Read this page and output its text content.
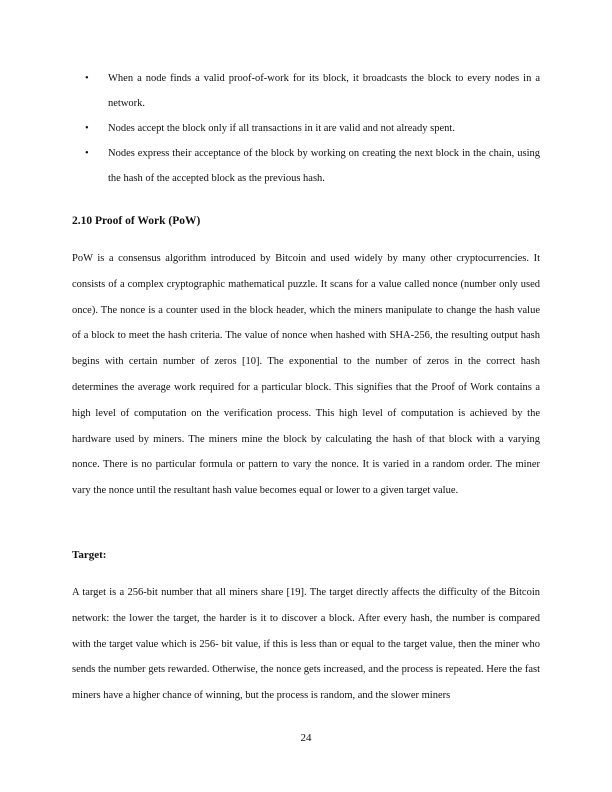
• When a node finds a valid proof-of-work for its block, it broadcasts the block to every nodes in a network.
• Nodes accept the block only if all transactions in it are valid and not already spent.
• Nodes express their acceptance of the block by working on creating the next block in the chain, using the hash of the accepted block as the previous hash.
2.10 Proof of Work (PoW)

PoW is a consensus algorithm introduced by Bitcoin and used widely by many other cryptocurrencies. It consists of a complex cryptographic mathematical puzzle. It scans for a value called nonce (number only used once). The nonce is a counter used in the block header, which the miners manipulate to change the hash value of a block to meet the hash criteria. The value of nonce when hashed with SHA-256, the resulting output hash begins with certain number of zeros [10]. The exponential to the number of zeros in the correct hash determines the average work required for a particular block. This signifies that the Proof of Work contains a high level of computation on the verification process. This high level of computation is achieved by the hardware used by miners. The miners mine the block by calculating the hash of that block with a varying nonce. There is no particular formula or pattern to vary the nonce. It is varied in a random order. The miner vary the nonce until the resultant hash value becomes equal or lower to a given target value.

Target:

A target is a 256-bit number that all miners share [19]. The target directly affects the difficulty of the Bitcoin network: the lower the target, the harder is it to discover a block. After every hash, the number is compared with the target value which is 256- bit value, if this is less than or equal to the target value, then the miner who sends the number gets rewarded. Otherwise, the nonce gets increased, and the process is repeated. Here the fast miners have a higher chance of winning, but the process is random, and the slower miners

24
